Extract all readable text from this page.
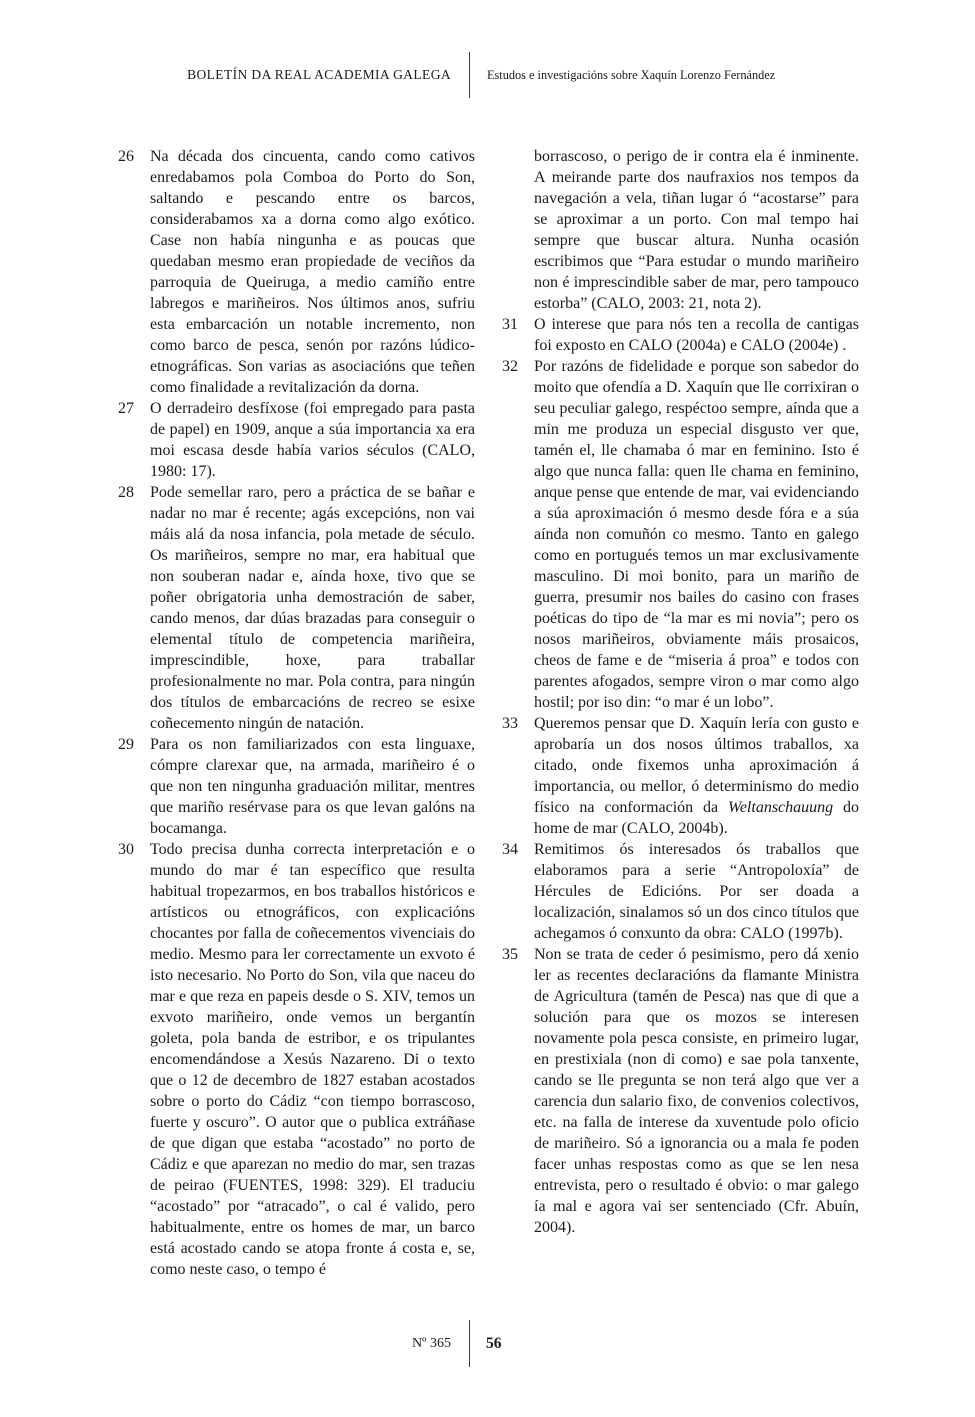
BOLETÍN DA REAL ACADEMIA GALEGA	Estudos e investigacións sobre Xaquín Lorenzo Fernández
26	Na década dos cincuenta, cando como cativos enredabamos pola Comboa do Porto do Son, saltando e pescando entre os barcos, considerabamos xa a dorna como algo exótico. Case non había ningunha e as poucas que quedaban mesmo eran propiedade de veciños da parroquia de Queiruga, a medio camiño entre labregos e mariñeiros. Nos últimos anos, sufriu esta embarcación un notable incremento, non como barco de pesca, senón por razóns lúdico-etnográficas. Son varias as asociacións que teñen como finalidade a revitalización da dorna.
27	O derradeiro desfíxose (foi empregado para pasta de papel) en 1909, anque a súa importancia xa era moi escasa desde había varios séculos (CALO, 1980: 17).
28	Pode semellar raro, pero a práctica de se bañar e nadar no mar é recente; agás excepcións, non vai máis alá da nosa infancia, pola metade de século. Os mariñeiros, sempre no mar, era habitual que non souberan nadar e, aínda hoxe, tivo que se poñer obrigatoria unha demostración de saber, cando menos, dar dúas brazadas para conseguir o elemental título de competencia mariñeira, imprescindible, hoxe, para traballar profesionalmente no mar. Pola contra, para ningún dos títulos de embarcacións de recreo se esixe coñecemento ningún de natación.
29	Para os non familiarizados con esta linguaxe, cómpre clarexar que, na armada, mariñeiro é o que non ten ningunha graduación militar, mentres que mariño resérvase para os que levan galóns na bocamanga.
30	Todo precisa dunha correcta interpretación e o mundo do mar é tan específico que resulta habitual tropezarmos, en bos traballos históricos e artísticos ou etnográficos, con explicacións chocantes por falla de coñecementos vivenciais do medio. Mesmo para ler correctamente un exvoto é isto necesario. No Porto do Son, vila que naceu do mar e que reza en papeis desde o S. XIV, temos un exvoto mariñeiro, onde vemos un bergantín goleta, pola banda de estribor, e os tripulantes encomendándose a Xesús Nazareno. Di o texto que o 12 de decembro de 1827 estaban acostados sobre o porto do Cádiz “con tiempo borrascoso, fuerte y oscuro”. O autor que o publica extráñase de que digan que estaba “acostado” no porto de Cádiz e que aparezan no medio do mar, sen trazas de peirao (FUENTES, 1998: 329). El traduciu “acostado” por “atracado”, o cal é valido, pero habitualmente, entre os homes de mar, un barco está acostado cando se atopa fronte á costa e, se, como neste caso, o tempo é
borrascoso, o perigo de ir contra ela é inminente. A meirande parte dos naufraxios nos tempos da navegación a vela, tiñan lugar ó “acostarse” para se aproximar a un porto. Con mal tempo hai sempre que buscar altura. Nunha ocasión escribimos que “Para estudar o mundo mariñeiro non é imprescindible saber de mar, pero tampouco estorba” (CALO, 2003: 21, nota 2).
31	O interese que para nós ten a recolla de cantigas foi exposto en CALO (2004a) e CALO (2004e) .
32	Por razóns de fidelidade e porque son sabedor do moito que ofendía a D. Xaquín que lle corrixiran o seu peculiar galego, respéctoo sempre, aínda que a min me produza un especial disgusto ver que, tamén el, lle chamaba ó mar en feminino. Isto é algo que nunca falla: quen lle chama en feminino, anque pense que entende de mar, vai evidenciando a súa aproximación ó mesmo desde fóra e a súa aínda non comuñón co mesmo. Tanto en galego como en portugués temos un mar exclusivamente masculino. Di moi bonito, para un mariño de guerra, presumir nos bailes do casino con frases poéticas do tipo de “la mar es mi novia”; pero os nosos mariñeiros, obviamente máis prosaicos, cheos de fame e de “miseria á proa” e todos con parentes afogados, sempre viron o mar como algo hostil; por iso din: “o mar é un lobo”.
33	Queremos pensar que D. Xaquín lería con gusto e aprobaría un dos nosos últimos traballos, xa citado, onde fixemos unha aproximación á importancia, ou mellor, ó determinismo do medio físico na conformación da Weltanschauung do home de mar (CALO, 2004b).
34	Remitimos ós interesados ós traballos que elaboramos para a serie “Antropoloxía” de Hércules de Edicións. Por ser doada a localización, sinalamos só un dos cinco títulos que achegamos ó conxunto da obra: CALO (1997b).
35	Non se trata de ceder ó pesimismo, pero dá xenio ler as recentes declaracións da flamante Ministra de Agricultura (tamén de Pesca) nas que di que a solución para que os mozos se interesen novamente pola pesca consiste, en primeiro lugar, en prestixiala (non di como) e sae pola tanxente, cando se lle pregunta se non terá algo que ver a carencia dun salario fixo, de convenios colectivos, etc. na falla de interese da xuventude polo oficio de mariñeiro. Só a ignorancia ou a mala fe poden facer unhas respostas como as que se len nesa entrevista, pero o resultado é obvio: o mar galego ía mal e agora vai ser sentenciado (Cfr. Abuín, 2004).
Nº 365	56
